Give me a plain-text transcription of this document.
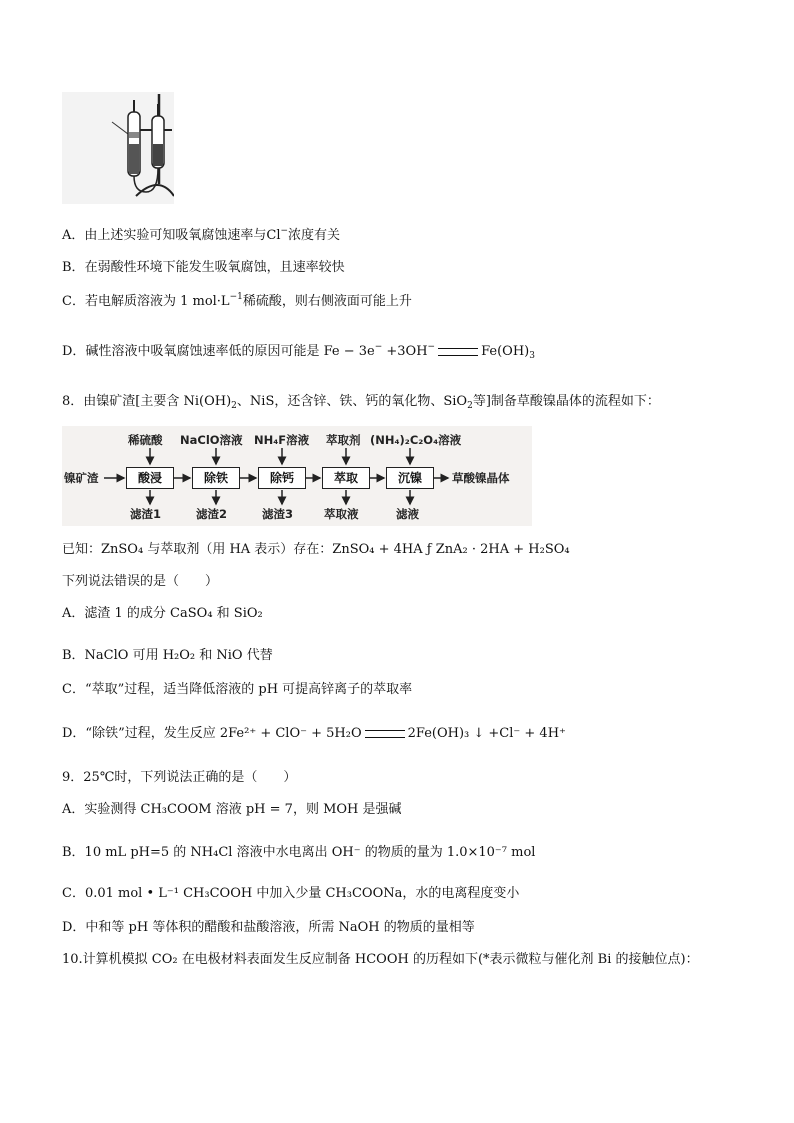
A．由上述实验可知吸氧腐蚀速率与Cl−浓度有关
B．在弱酸性环境下能发生吸氧腐蚀，且速率较快
C．若电解质溶液为 1 $mol\cdot L^{-1}$稀硫酸，则右侧液面可能上升
D．碱性溶液中吸氧腐蚀速率低的原因可能是 Fe − 3e− +3OH−	$Fe(OH)_3$
8．由镍矿渣[主要含 $Ni(OH)_2$、NiS，还含锌、铁、钙的氧化物、SiO$_2$等]制备草酸镍晶体的流程如下：
稀硫酸 NaClO溶液 NH₄F溶液 萃取剂 (NH₄)₂C₂O₄溶液
镍矿渣	酸浸	除铁	除钙	萃取	沉镍	草酸镍晶体
滤渣1	滤渣2	滤渣3	萃取液	滤液
已知：ZnSO₄ 与萃取剂（用 HA 表示）存在：ZnSO₄ + 4HA ƒ ZnA₂ · 2HA + H₂SO₄
下列说法错误的是（　　）
A．滤渣 1 的成分 CaSO₄ 和 SiO₂
B．NaClO 可用 H₂O₂ 和 NiO 代替
C．“萃取”过程，适当降低溶液的 pH 可提高锌离子的萃取率
D．“除铁”过程，发生反应 2Fe²⁺ + ClO⁻ + 5H₂O	2Fe(OH)₃ ↓ +Cl⁻ + 4H⁺
9．25℃时，下列说法正确的是（　　）
A．实验测得 CH₃COOM 溶液 pH = 7，则 MOH 是强碱
B．10 mL pH=5 的 NH₄Cl 溶液中水电离出 OH⁻ 的物质的量为 1.0×10⁻⁷ mol
C．0.01 mol • L⁻¹ CH₃COOH 中加入少量 CH₃COONa，水的电离程度变小
D．中和等 pH 等体积的醋酸和盐酸溶液，所需 NaOH 的物质的量相等
10.计算机模拟 CO₂ 在电极材料表面发生反应制备 HCOOH 的历程如下(*表示微粒与催化剂 Bi 的接触位点)：
